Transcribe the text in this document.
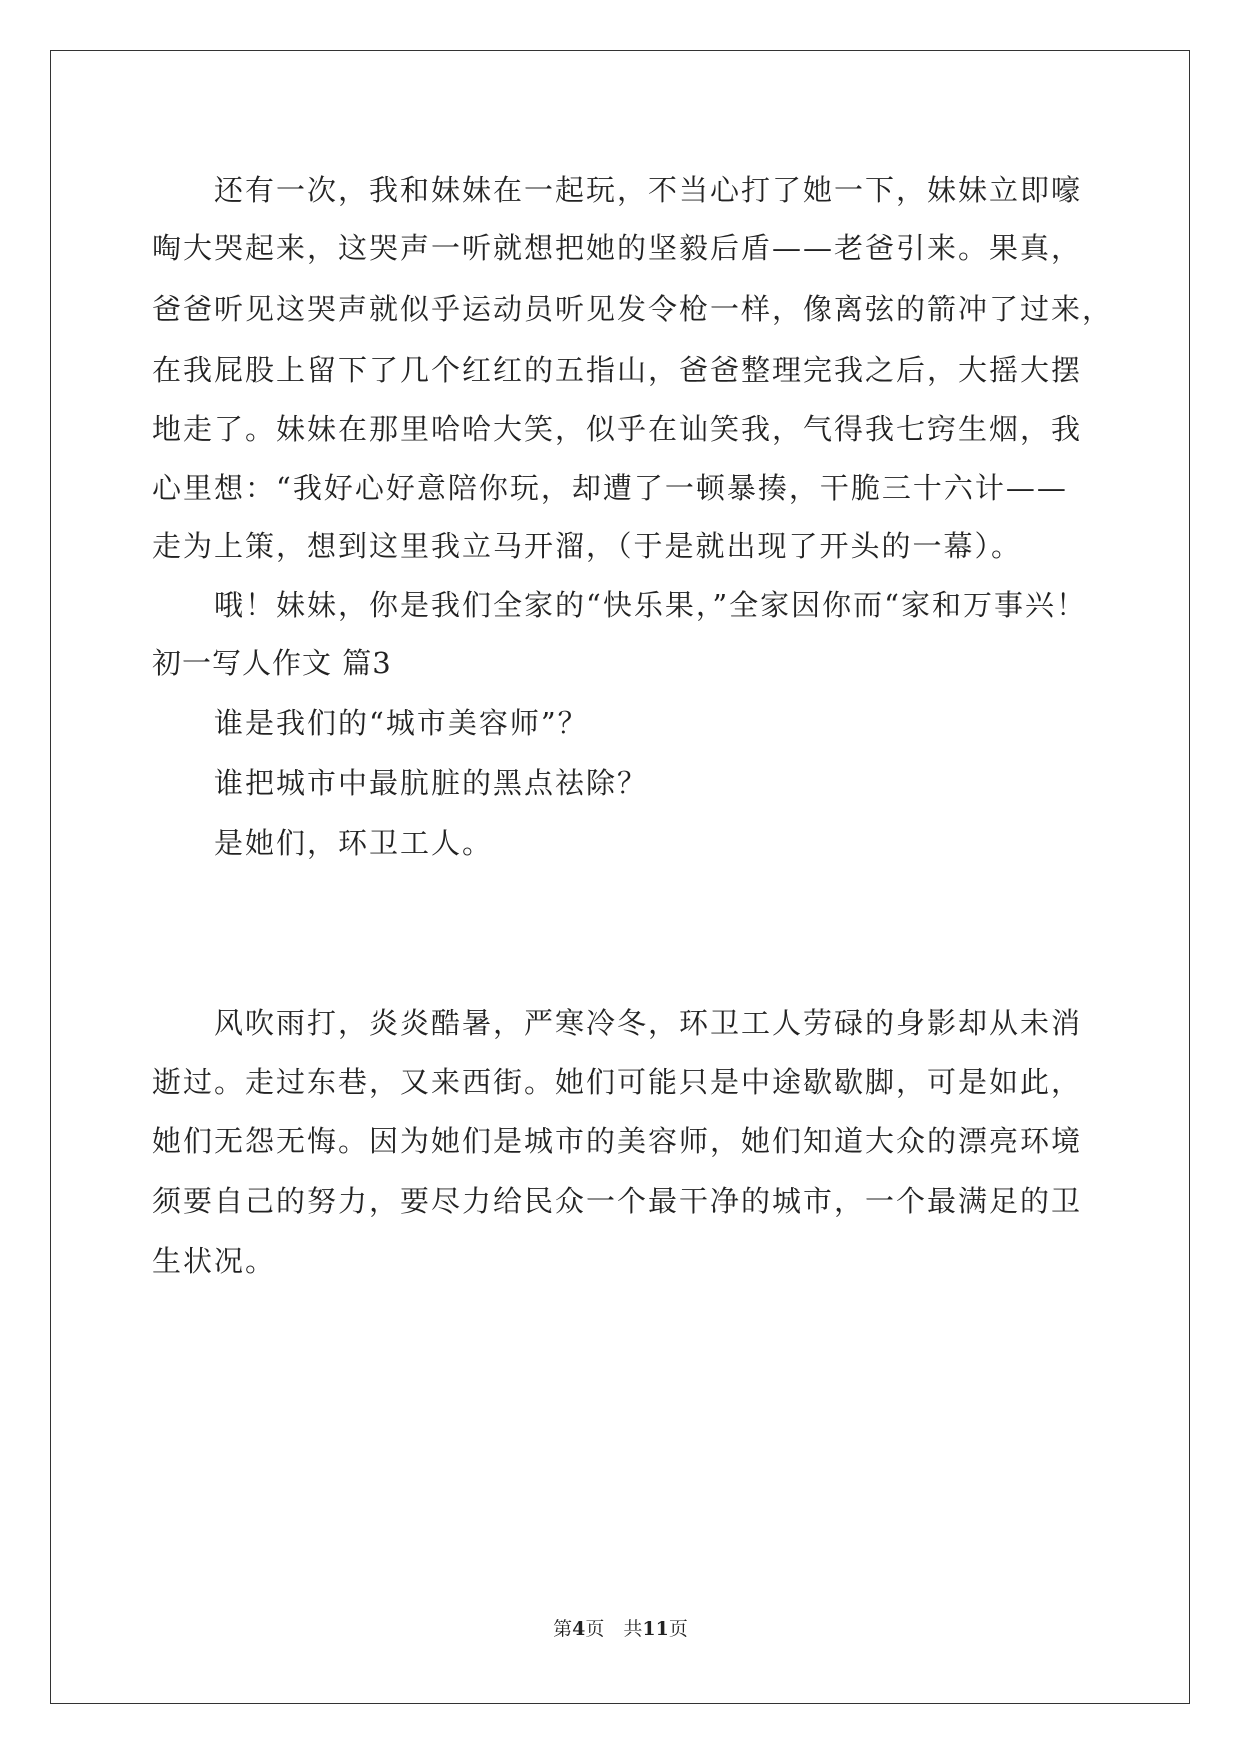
还有一次，我和妹妹在一起玩，不当心打了她一下，妹妹立即嚎
啕大哭起来，这哭声一听就想把她的坚毅后盾——老爸引来。果真，
爸爸听见这哭声就似乎运动员听见发令枪一样，像离弦的箭冲了过来，
在我屁股上留下了几个红红的五指山，爸爸整理完我之后，大摇大摆
地走了。妹妹在那里哈哈大笑，似乎在讪笑我，气得我七窍生烟，我
心里想：“我好心好意陪你玩，却遭了一顿暴揍，干脆三十六计——
走为上策，想到这里我立马开溜，（于是就出现了开头的一幕）。
哦！妹妹，你是我们全家的“快乐果，”全家因你而“家和万事兴！
初一写人作文 篇3
谁是我们的“城市美容师”？
谁把城市中最肮脏的黑点祛除？
是她们，环卫工人。
风吹雨打，炎炎酷暑，严寒冷冬，环卫工人劳碌的身影却从未消
逝过。走过东巷，又来西街。她们可能只是中途歇歇脚，可是如此，
她们无怨无悔。因为她们是城市的美容师，她们知道大众的漂亮环境
须要自己的努力，要尽力给民众一个最干净的城市，一个最满足的卫
生状况。
第4页　共11页
